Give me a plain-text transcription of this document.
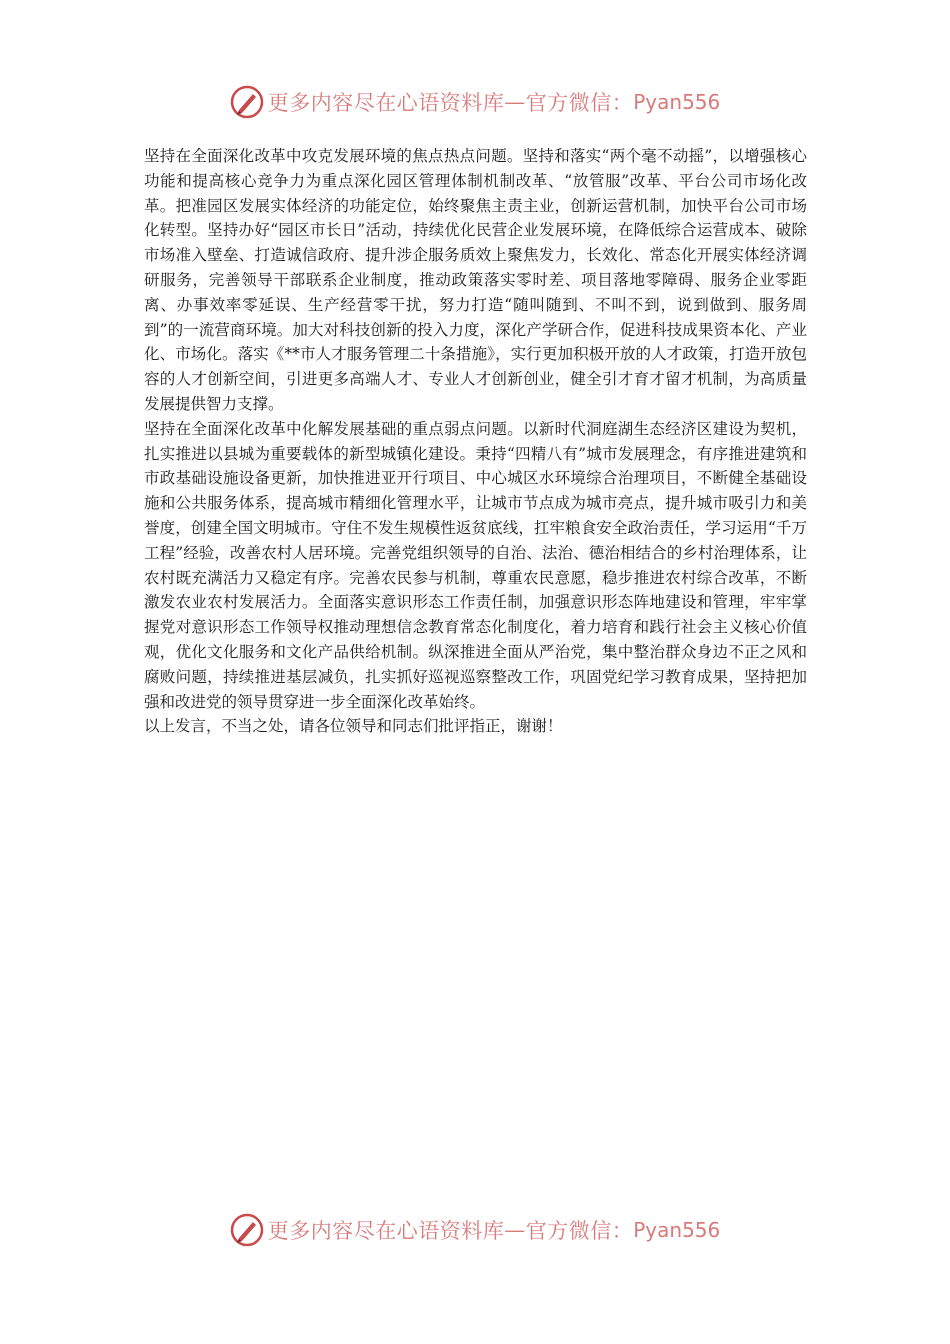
更多内容尽在心语资料库 — 官方微信： Pyan556

坚持在全面深化改革中攻克发展环境的焦点热点问题。坚持和落实“两个毫不动摇”，以增强核心功能和提高核心竞争力为重点深化园区管理体制机制改革、“放管服”改革、平台公司市场化改革。把准园区发展实体经济的功能定位，始终聚焦主责主业，创新运营机制，加快平台公司市场化转型。坚持办好“园区市长日”活动，持续优化民营企业发展环境，在降低综合运营成本、破除市场准入壁垒、打造诚信政府、提升涉企服务质效上聚焦发力，长效化、常态化开展实体经济调研服务，完善领导干部联系企业制度，推动政策落实零时差、项目落地零障碍、服务企业零距离、办事效率零延误、生产经营零干扰，努力打造“随叫随到、不叫不到，说到做到、服务周到”的一流营商环境。加大对科技创新的投入力度，深化产学研合作，促进科技成果资本化、产业化、市场化。落实《**市人才服务管理二十条措施》，实行更加积极开放的人才政策，打造开放包容的人才创新空间，引进更多高端人才、专业人才创新创业，健全引才育才留才机制，为高质量发展提供智力支撑。

坚持在全面深化改革中化解发展基础的重点弱点问题。以新时代洞庭湖生态经济区建设为契机，扎实推进以县城为重要载体的新型城镇化建设。秉持“四精八有”城市发展理念，有序推进建筑和市政基础设施设备更新，加快推进亚开行项目、中心城区水环境综合治理项目，不断健全基础设施和公共服务体系，提高城市精细化管理水平，让城市节点成为城市亮点，提升城市吸引力和美誉度，创建全国文明城市。守住不发生规模性返贫底线，扛牢粮食安全政治责任，学习运用“千万工程”经验，改善农村人居环境。完善党组织领导的自治、法治、德治相结合的乡村治理体系，让农村既充满活力又稳定有序。完善农民参与机制，尊重农民意愿，稳步推进农村综合改革，不断激发农业农村发展活力。全面落实意识形态工作责任制，加强意识形态阵地建设和管理，牢牢掌握党对意识形态工作领导权推动理想信念教育常态化制度化，着力培育和践行社会主义核心价值观，优化文化服务和文化产品供给机制。纵深推进全面从严治党，集中整治群众身边不正之风和腐败问题，持续推进基层减负，扎实抓好巡视巡察整改工作，巩固党纪学习教育成果，坚持把加强和改进党的领导贯穿进一步全面深化改革始终。

以上发言，不当之处，请各位领导和同志们批评指正，谢谢！

更多内容尽在心语资料库 — 官方微信： Pyan556
